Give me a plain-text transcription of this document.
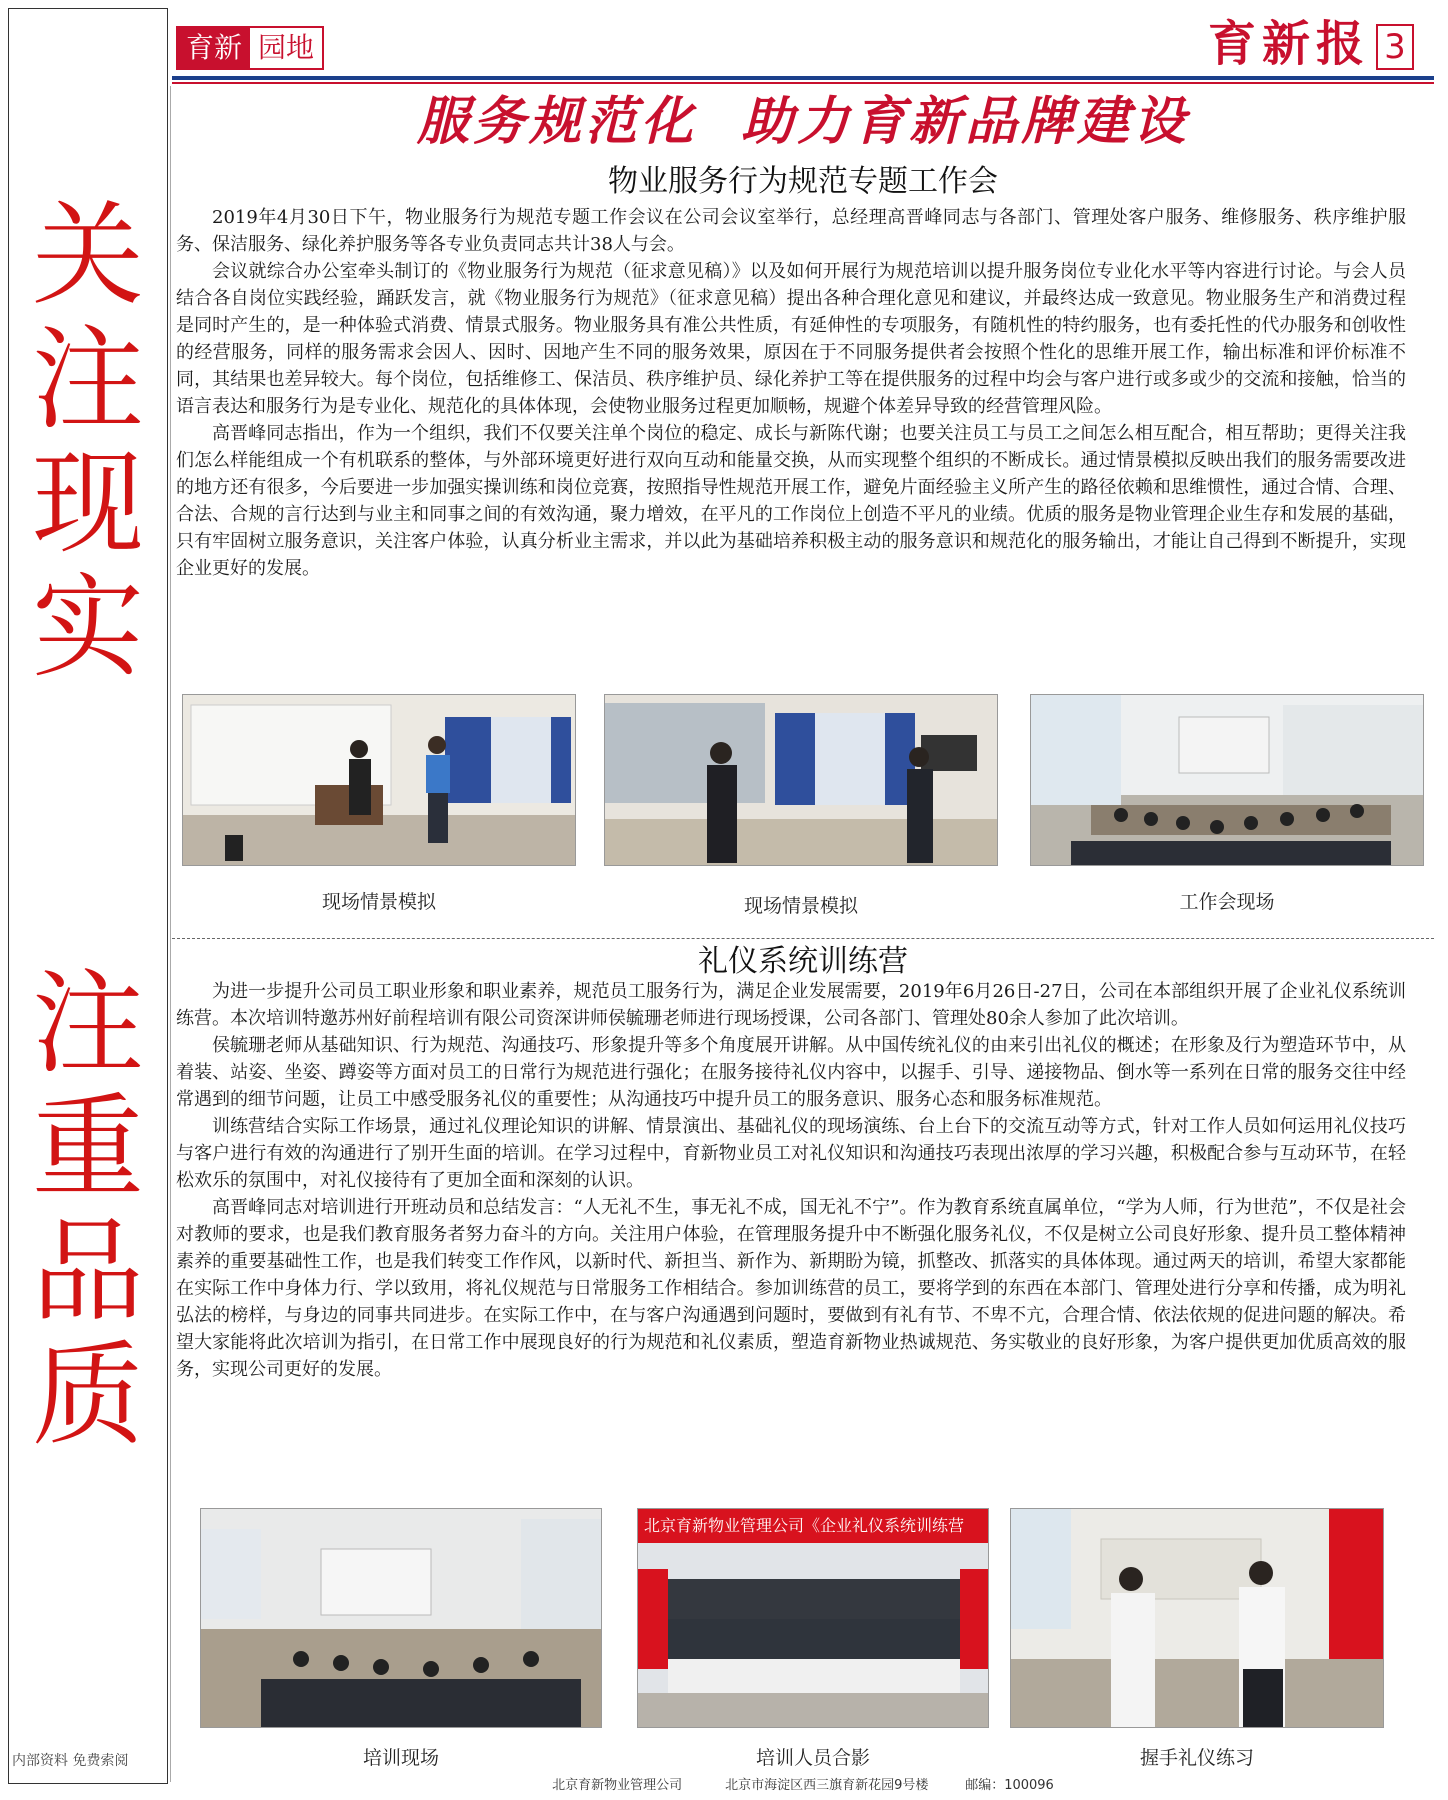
关
注
现
实
注
重
品
质
内部资料 免费索阅
育新 园地	育新报 3
服务规范化  助力育新品牌建设
物业服务行为规范专题工作会

2019年4月30日下午，物业服务行为规范专题工作会议在公司会议室举行，总经理高晋峰同志与各部门、管理处客户服务、维修服务、秩序维护服务、保洁服务、绿化养护服务等各专业负责同志共计38人与会。

会议就综合办公室牵头制订的《物业服务行为规范（征求意见稿）》以及如何开展行为规范培训以提升服务岗位专业化水平等内容进行讨论。与会人员结合各自岗位实践经验，踊跃发言，就《物业服务行为规范》（征求意见稿）提出各种合理化意见和建议，并最终达成一致意见。物业服务生产和消费过程是同时产生的，是一种体验式消费、情景式服务。物业服务具有准公共性质，有延伸性的专项服务，有随机性的特约服务，也有委托性的代办服务和创收性的经营服务，同样的服务需求会因人、因时、因地产生不同的服务效果，原因在于不同服务提供者会按照个性化的思维开展工作，输出标准和评价标准不同，其结果也差异较大。每个岗位，包括维修工、保洁员、秩序维护员、绿化养护工等在提供服务的过程中均会与客户进行或多或少的交流和接触，恰当的语言表达和服务行为是专业化、规范化的具体体现，会使物业服务过程更加顺畅，规避个体差异导致的经营管理风险。

高晋峰同志指出，作为一个组织，我们不仅要关注单个岗位的稳定、成长与新陈代谢；也要关注员工与员工之间怎么相互配合，相互帮助；更得关注我们怎么样能组成一个有机联系的整体，与外部环境更好进行双向互动和能量交换，从而实现整个组织的不断成长。通过情景模拟反映出我们的服务需要改进的地方还有很多，今后要进一步加强实操训练和岗位竞赛，按照指导性规范开展工作，避免片面经验主义所产生的路径依赖和思维惯性，通过合情、合理、合法、合规的言行达到与业主和同事之间的有效沟通，聚力增效，在平凡的工作岗位上创造不平凡的业绩。优质的服务是物业管理企业生存和发展的基础，只有牢固树立服务意识，关注客户体验，认真分析业主需求，并以此为基础培养积极主动的服务意识和规范化的服务输出，才能让自己得到不断提升，实现企业更好的发展。

现场情景模拟	现场情景模拟	工作会现场
礼仪系统训练营

为进一步提升公司员工职业形象和职业素养，规范员工服务行为，满足企业发展需要，2019年6月26日-27日，公司在本部组织开展了企业礼仪系统训练营。本次培训特邀苏州好前程培训有限公司资深讲师侯毓珊老师进行现场授课，公司各部门、管理处80余人参加了此次培训。

侯毓珊老师从基础知识、行为规范、沟通技巧、形象提升等多个角度展开讲解。从中国传统礼仪的由来引出礼仪的概述；在形象及行为塑造环节中，从着装、站姿、坐姿、蹲姿等方面对员工的日常行为规范进行强化；在服务接待礼仪内容中，以握手、引导、递接物品、倒水等一系列在日常的服务交往中经常遇到的细节问题，让员工中感受服务礼仪的重要性；从沟通技巧中提升员工的服务意识、服务心态和服务标准规范。

训练营结合实际工作场景，通过礼仪理论知识的讲解、情景演出、基础礼仪的现场演练、台上台下的交流互动等方式，针对工作人员如何运用礼仪技巧与客户进行有效的沟通进行了别开生面的培训。在学习过程中，育新物业员工对礼仪知识和沟通技巧表现出浓厚的学习兴趣，积极配合参与互动环节，在轻松欢乐的氛围中，对礼仪接待有了更加全面和深刻的认识。

高晋峰同志对培训进行开班动员和总结发言：“人无礼不生，事无礼不成，国无礼不宁”。作为教育系统直属单位，“学为人师，行为世范”，不仅是社会对教师的要求，也是我们教育服务者努力奋斗的方向。关注用户体验，在管理服务提升中不断强化服务礼仪，不仅是树立公司良好形象、提升员工整体精神素养的重要基础性工作，也是我们转变工作作风，以新时代、新担当、新作为、新期盼为镜，抓整改、抓落实的具体体现。通过两天的培训，希望大家都能在实际工作中身体力行、学以致用，将礼仪规范与日常服务工作相结合。参加训练营的员工，要将学到的东西在本部门、管理处进行分享和传播，成为明礼弘法的榜样，与身边的同事共同进步。在实际工作中，在与客户沟通遇到问题时，要做到有礼有节、不卑不亢，合理合情、依法依规的促进问题的解决。希望大家能将此次培训为指引，在日常工作中展现良好的行为规范和礼仪素质，塑造育新物业热诚规范、务实敬业的良好形象，为客户提供更加优质高效的服务，实现公司更好的发展。

北京育新物业管理公司《企业礼仪系统训练营
培训现场	培训人员合影	握手礼仪练习
北京育新物业管理公司	北京市海淀区西三旗育新花园9号楼	邮编：100096
